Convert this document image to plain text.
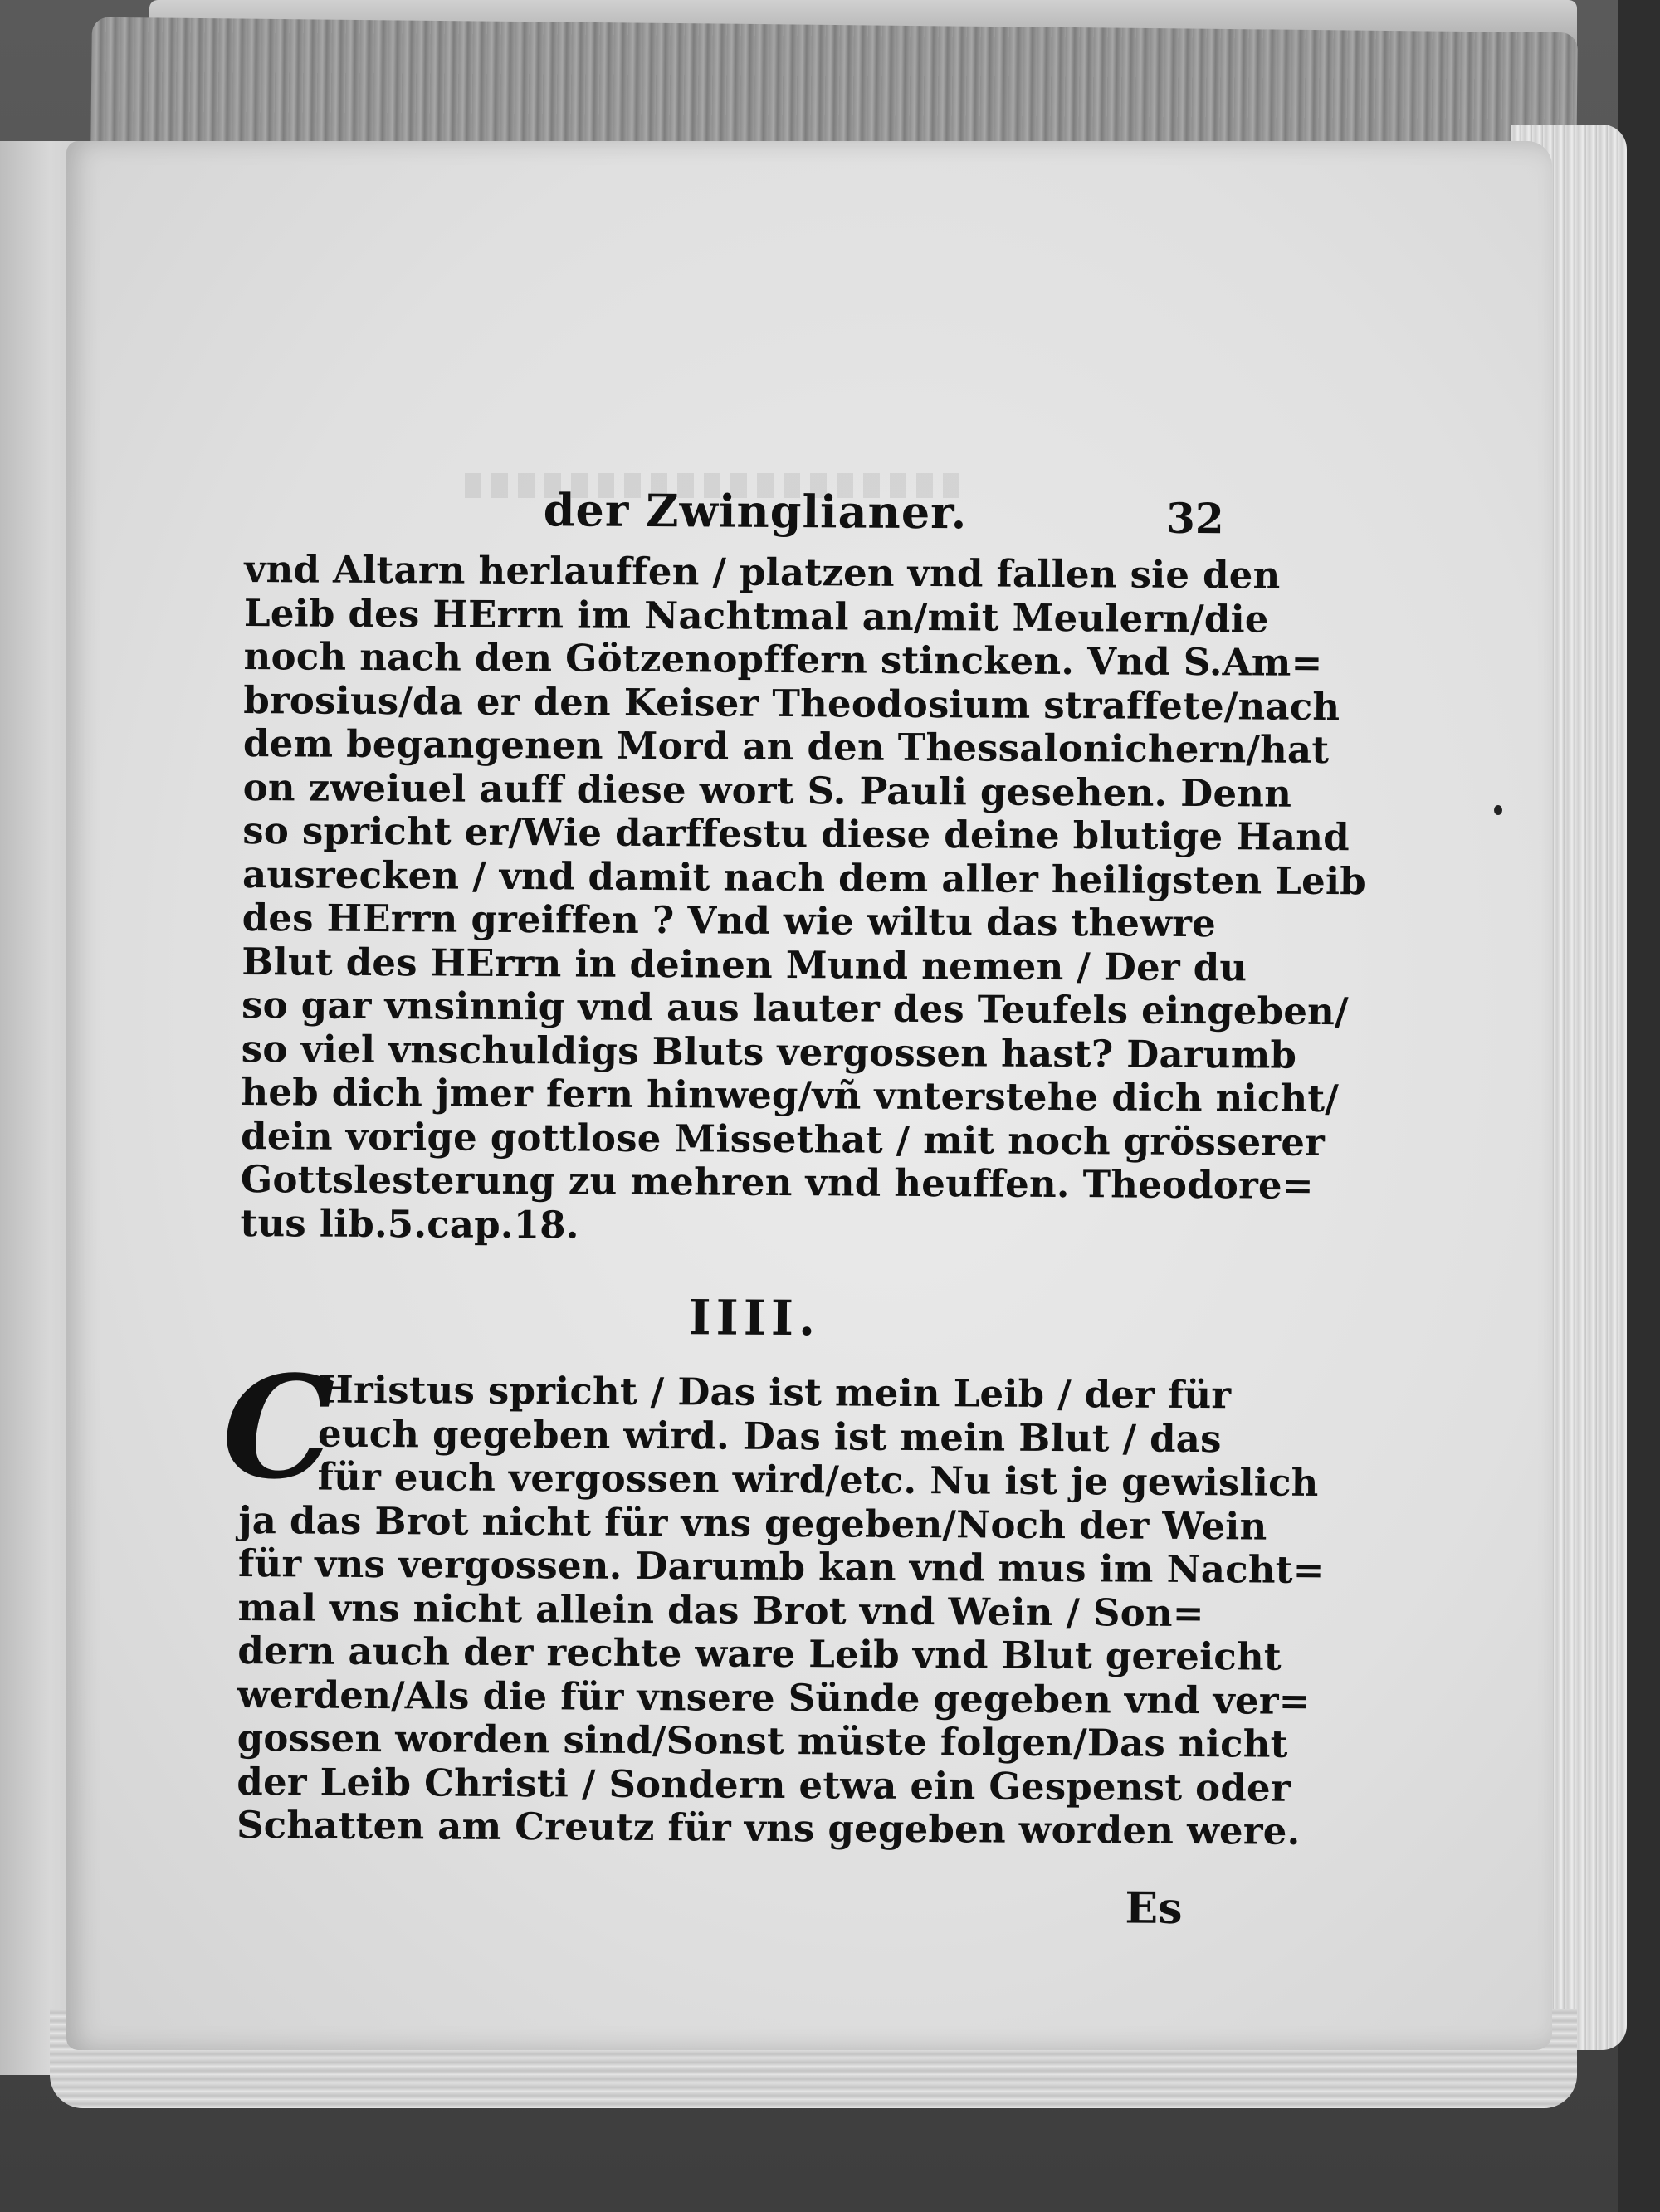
der Zwinglianer.	32
vnd Altarn herlauffen / platzen vnd fallen sie den
Leib des HErrn im Nachtmal an/mit Meulern/die
noch nach den Götzenopffern stincken. Vnd S.Am=
brosius/da er den Keiser Theodosium straffete/nach
dem begangenen Mord an den Thessalonichern/hat
on zweiuel auff diese wort S. Pauli gesehen. Denn
so spricht er/Wie darffestu diese deine blutige Hand
ausrecken / vnd damit nach dem aller heiligsten Leib
des HErrn greiffen ? Vnd wie wiltu das thewre
Blut des HErrn in deinen Mund nemen / Der du
so gar vnsinnig vnd aus lauter des Teufels eingeben/
so viel vnschuldigs Bluts vergossen hast? Darumb
heb dich jmer fern hinweg/vñ vnterstehe dich nicht/
dein vorige gottlose Missethat / mit noch grösserer
Gottslesterung zu mehren vnd heuffen. Theodore=
tus lib.5.cap.18.
IIII.
C
Hristus spricht / Das ist mein Leib / der für
euch gegeben wird. Das ist mein Blut / das
für euch vergossen wird/etc. Nu ist je gewislich
ja das Brot nicht für vns gegeben/Noch der Wein
für vns vergossen. Darumb kan vnd mus im Nacht=
mal vns nicht allein das Brot vnd Wein / Son=
dern auch der rechte ware Leib vnd Blut gereicht
werden/Als die für vnsere Sünde gegeben vnd ver=
gossen worden sind/Sonst müste folgen/Das nicht
der Leib Christi / Sondern etwa ein Gespenst oder
Schatten am Creutz für vns gegeben worden were.
Es
